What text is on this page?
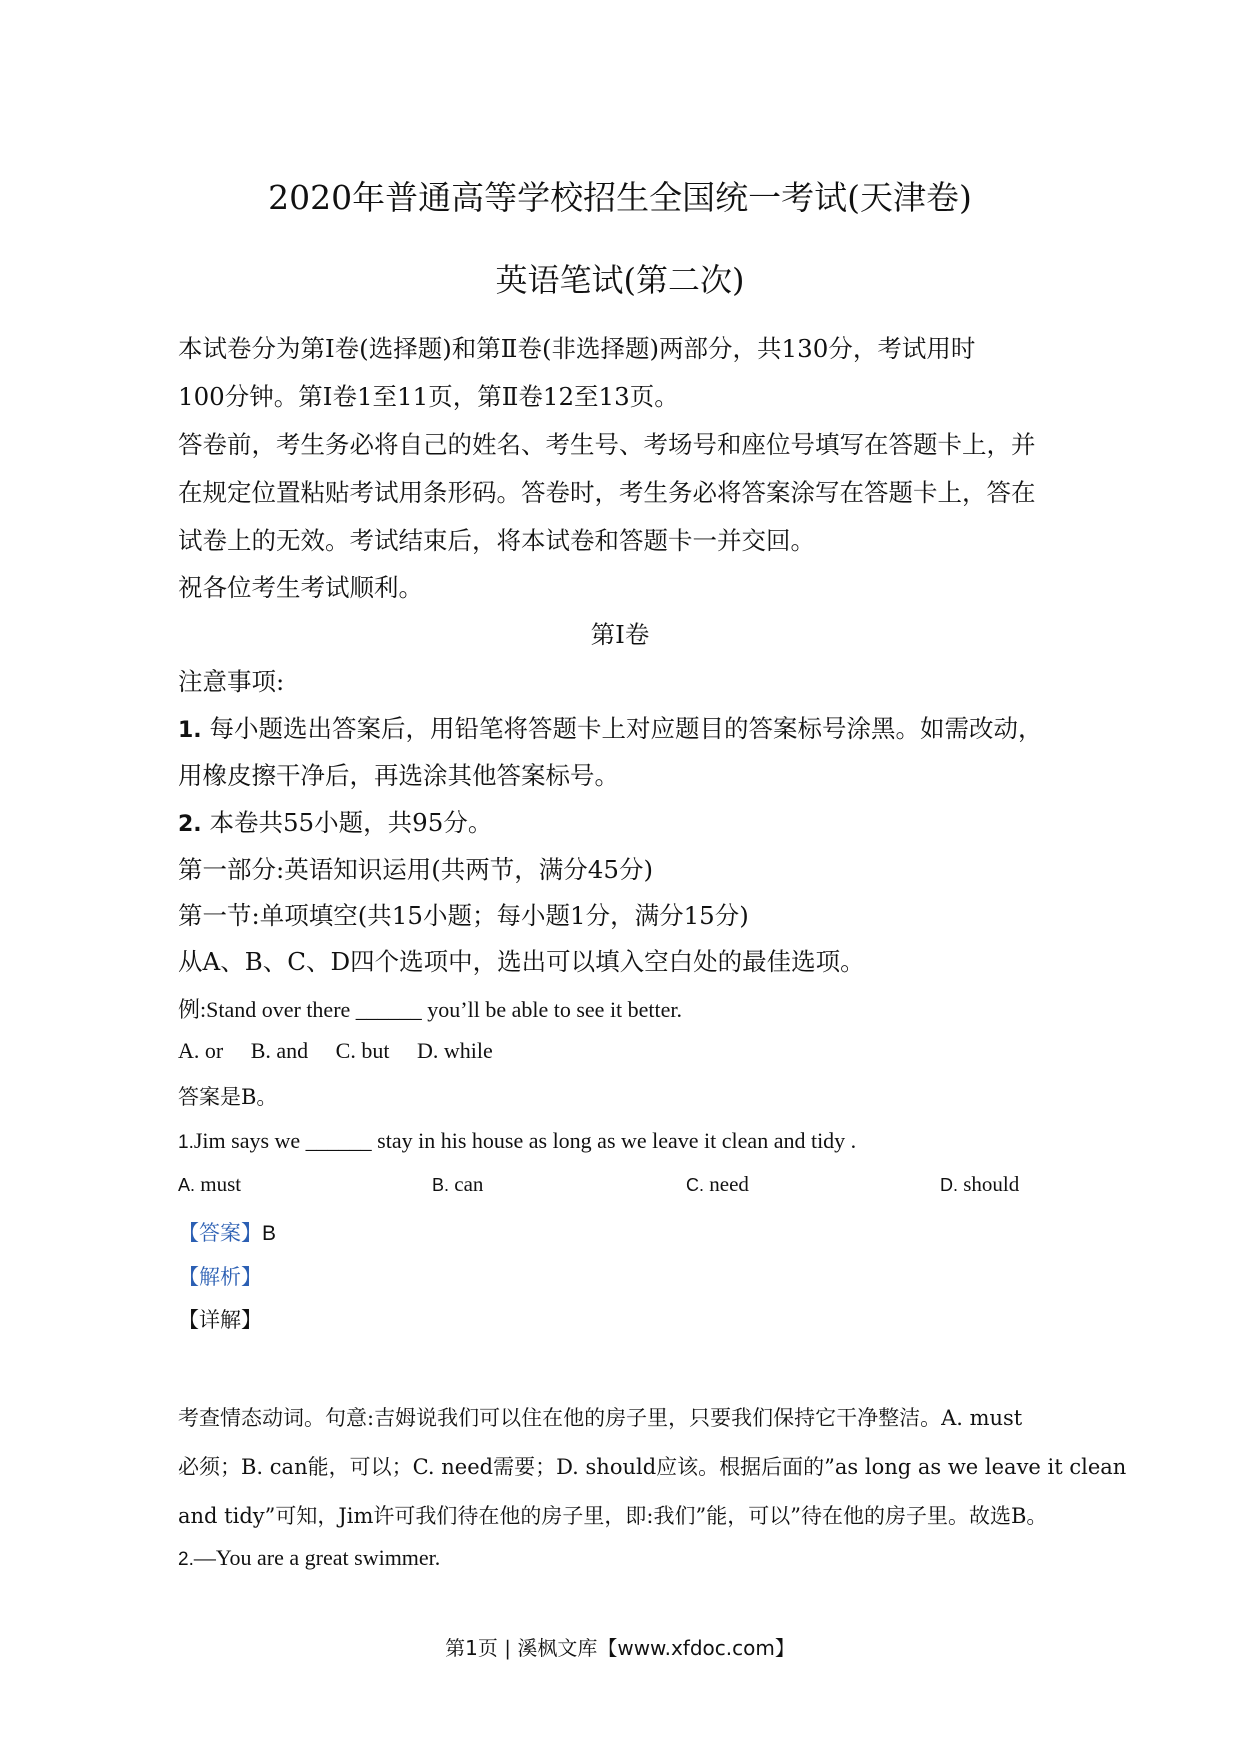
2020年普通高等学校招生全国统一考试(天津卷)
英语笔试(第二次)
本试卷分为第Ⅰ卷(选择题)和第Ⅱ卷(非选择题)两部分，共130分，考试用时
100分钟。第Ⅰ卷1至11页，第Ⅱ卷12至13页。
答卷前，考生务必将自己的姓名、考生号、考场号和座位号填写在答题卡上，并
在规定位置粘贴考试用条形码。答卷时，考生务必将答案涂写在答题卡上，答在
试卷上的无效。考试结束后，将本试卷和答题卡一并交回。
祝各位考生考试顺利。
第Ⅰ卷
注意事项:
1. 每小题选出答案后，用铅笔将答题卡上对应题目的答案标号涂黑。如需改动，
用橡皮擦干净后，再选涂其他答案标号。
2. 本卷共55小题，共95分。
第一部分:英语知识运用(共两节，满分45分)
第一节:单项填空(共15小题；每小题1分，满分15分)
从A、B、C、D四个选项中，选出可以填入空白处的最佳选项。
例:Stand over there ______ you’ll be able to see it better.
A. or     B. and     C. but     D. while
答案是B。
1.Jim says we ______ stay in his house as long as we leave it clean and tidy .
A. must	B. can	C. need	D. should
【答案】B
【解析】
【详解】
考查情态动词。句意:吉姆说我们可以住在他的房子里，只要我们保持它干净整洁。A. must
必须；B. can能，可以；C. need需要；D. should应该。根据后面的”as long as we leave it clean
and tidy”可知，Jim许可我们待在他的房子里，即:我们”能，可以”待在他的房子里。故选B。
2.—You are a great swimmer.
第1页 | 溪枫文库【www.xfdoc.com】
